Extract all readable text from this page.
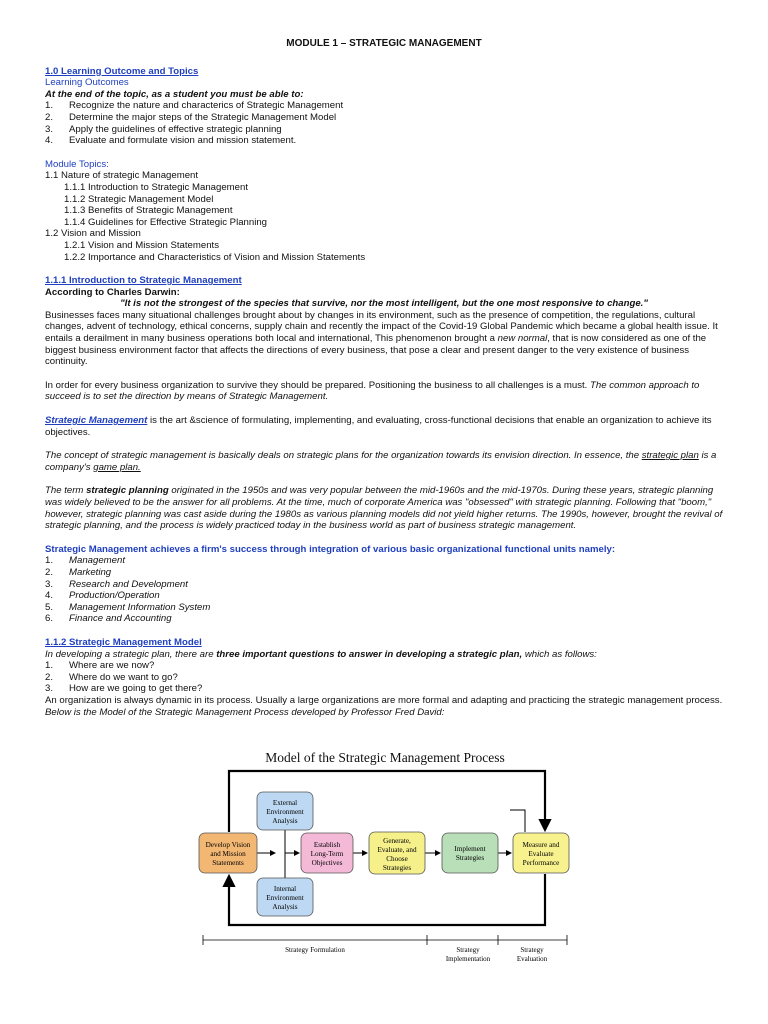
MODULE 1 – STRATEGIC MANAGEMENT

1.0 Learning Outcome and Topics

Learning Outcomes

At the end of the topic, as a student you must be able to:

1.	Recognize the nature and characterics of Strategic Management
2.	Determine the major steps of the Strategic Management Model
3.	Apply the guidelines of effective strategic planning
4.	Evaluate and formulate vision and mission statement.

Module Topics:

1.1 Nature of strategic Management

1.1.1 Introduction to Strategic Management

1.1.2 Strategic Management Model

1.1.3 Benefits of Strategic Management

1.1.4 Guidelines for Effective Strategic Planning

1.2 Vision and Mission

1.2.1 Vision and Mission Statements

1.2.2 Importance and Characteristics of Vision and Mission Statements

1.1.1 Introduction to Strategic Management

According to Charles Darwin:

"It is not the strongest of the species that survive, nor the most intelligent, but the one most responsive to change."

Businesses faces many situational challenges brought about by changes in its environment, such as the presence of competition, the regulations, cultural changes, advent of technology, ethical concerns, supply chain and recently the impact of the Covid-19 Global Pandemic which became a global health issue. It entails a derailment in many business operations both local and international, This phenomenon brought a new normal, that is now considered as one of the biggest business environment factor that affects the directions of every business, that pose a clear and present danger to the very existence of business continuity.

In order for every business organization to survive they should be prepared. Positioning the business to all challenges is a must. The common approach to succeed is to set the direction by means of Strategic Management.

Strategic Management is the art &science of formulating, implementing, and evaluating, cross-functional decisions that enable an organization to achieve its objectives.

The concept of strategic management is basically deals on strategic plans for the organization towards its envision direction. In essence, the strategic plan is a company's game plan.

The term strategic planning originated in the 1950s and was very popular between the mid-1960s and the mid-1970s. During these years, strategic planning was widely believed to be the answer for all problems. At the time, much of corporate America was "obsessed" with strategic planning. Following that "boom," however, strategic planning was cast aside during the 1980s as various planning models did not yield higher returns. The 1990s, however, brought the revival of strategic planning, and the process is widely practiced today in the business world as part of business strategic management.

Strategic Management achieves a firm's success through integration of various basic organizational functional units namely:

1.	Management
2.	Marketing
3.	Research and Development
4.	Production/Operation
5.	Management Information System
6.	Finance and Accounting

1.1.2 Strategic Management Model

In developing a strategic plan, there are three important questions to answer in developing a strategic plan, which as follows:

1.	Where are we now?
2.	Where do we want to go?
3.	How are we going to get there?

An organization is always dynamic in its process. Usually a large organizations are more formal and adapting and practicing the strategic management process.

Below is the Model of the Strategic Management Process developed by Professor Fred David:

Model of the Strategic Management Process
External
Environment
Analysis
Develop Vision
and Mission
Statements
Establish
Long-Term
Objectives
Generate,
Evaluate, and
Choose
Strategies
Implement
Strategies
Measure and
Evaluate
Performance
Internal
Environment
Analysis
Strategy Formulation	Strategy
Implementation
Strategy
Evaluation
